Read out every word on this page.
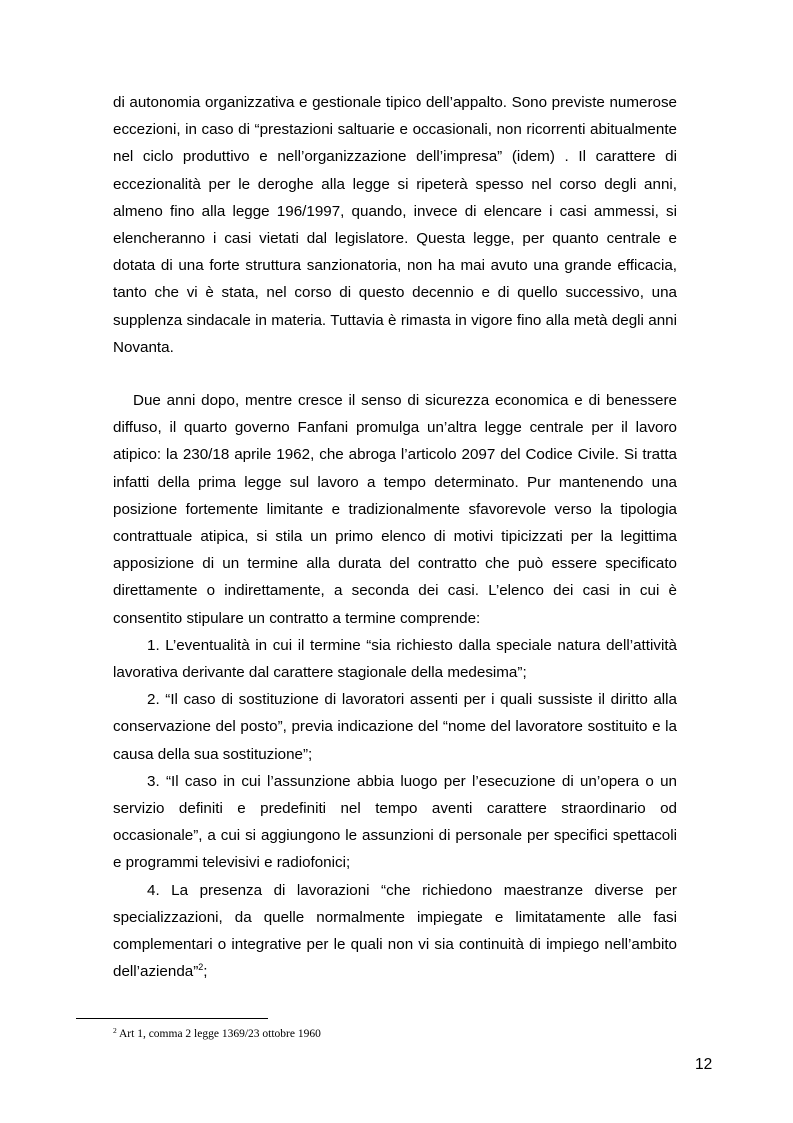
di autonomia organizzativa e gestionale tipico dell’appalto. Sono previste numerose eccezioni, in caso di “prestazioni saltuarie e occasionali, non ricorrenti abitualmente nel ciclo produttivo e nell’organizzazione dell’impresa” (idem) . Il carattere di eccezionalità per le deroghe alla legge si ripeterà spesso nel corso degli anni, almeno fino alla legge 196/1997, quando, invece di elencare i casi ammessi, si elencheranno i casi vietati dal legislatore. Questa legge, per quanto centrale e dotata di una forte struttura sanzionatoria, non ha mai avuto una grande efficacia, tanto che vi è stata, nel corso di questo decennio e di quello successivo, una supplenza sindacale in materia. Tuttavia è rimasta in vigore fino alla metà degli anni Novanta.

Due anni dopo, mentre cresce il senso di sicurezza economica e di benessere diffuso, il quarto governo Fanfani promulga un’altra legge centrale per il lavoro atipico: la 230/18 aprile 1962, che abroga l’articolo 2097 del Codice Civile. Si tratta infatti della prima legge sul lavoro a tempo determinato. Pur mantenendo una posizione fortemente limitante e tradizionalmente sfavorevole verso la tipologia contrattuale atipica, si stila un primo elenco di motivi tipicizzati per la legittima apposizione di un termine alla durata del contratto che può essere specificato direttamente o indirettamente, a seconda dei casi. L’elenco dei casi in cui è consentito stipulare un contratto a termine comprende:

1. L’eventualità in cui il termine “sia richiesto dalla speciale natura dell’attività lavorativa derivante dal carattere stagionale della medesima”;

2. “Il caso di sostituzione di lavoratori assenti per i quali sussiste il diritto alla conservazione del posto”, previa indicazione del “nome del lavoratore sostituito e la causa della sua sostituzione”;

3. “Il caso in cui l’assunzione abbia luogo per l’esecuzione di un’opera o un servizio definiti e predefiniti nel tempo aventi carattere straordinario od occasionale”, a cui si aggiungono le assunzioni di personale per specifici spettacoli e programmi televisivi e radiofonici;

4. La presenza di lavorazioni “che richiedono maestranze diverse per specializzazioni, da quelle normalmente impiegate e limitatamente alle fasi complementari o integrative per le quali non vi sia continuità di impiego nell’ambito dell’azienda”$^2$;

$^2$ Art 1, comma 2 legge 1369/23 ottobre 1960
12
